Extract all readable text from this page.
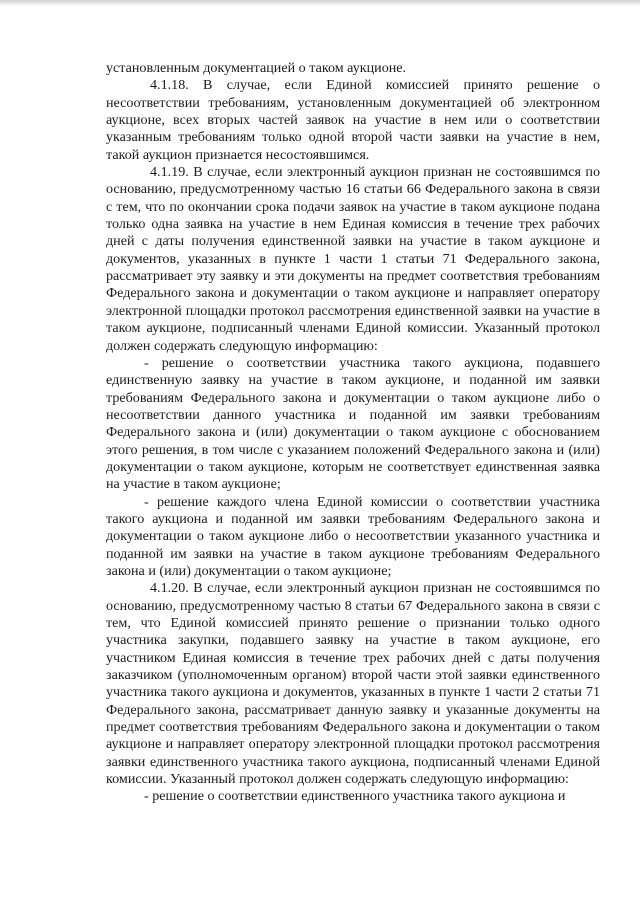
установленным документацией о таком аукционе.

4.1.18. В случае, если Единой комиссией принято решение о несоответствии требованиям, установленным документацией об электронном аукционе, всех вторых частей заявок на участие в нем или о соответствии указанным требованиям только одной второй части заявки на участие в нем, такой аукцион признается несостоявшимся.

4.1.19. В случае, если электронный аукцион признан не состоявшимся по основанию, предусмотренному частью 16 статьи 66 Федерального закона в связи с тем, что по окончании срока подачи заявок на участие в таком аукционе подана только одна заявка на участие в нем Единая комиссия в течение трех рабочих дней с даты получения единственной заявки на участие в таком аукционе и документов, указанных в пункте 1 части 1 статьи 71 Федерального закона, рассматривает эту заявку и эти документы на предмет соответствия требованиям Федерального закона и документации о таком аукционе и направляет оператору электронной площадки протокол рассмотрения единственной заявки на участие в таком аукционе, подписанный членами Единой комиссии. Указанный протокол должен содержать следующую информацию:

- решение о соответствии участника такого аукциона, подавшего единственную заявку на участие в таком аукционе, и поданной им заявки требованиям Федерального закона и документации о таком аукционе либо о несоответствии данного участника и поданной им заявки требованиям Федерального закона и (или) документации о таком аукционе с обоснованием этого решения, в том числе с указанием положений Федерального закона и (или) документации о таком аукционе, которым не соответствует единственная заявка на участие в таком аукционе;

- решение каждого члена Единой комиссии о соответствии участника такого аукциона и поданной им заявки требованиям Федерального закона и документации о таком аукционе либо о несоответствии указанного участника и поданной им заявки на участие в таком аукционе требованиям Федерального закона и (или) документации о таком аукционе;

4.1.20. В случае, если электронный аукцион признан не состоявшимся по основанию, предусмотренному частью 8 статьи 67 Федерального закона в связи с тем, что Единой комиссией принято решение о признании только одного участника закупки, подавшего заявку на участие в таком аукционе, его участником Единая комиссия в течение трех рабочих дней с даты получения заказчиком (уполномоченным органом) второй части этой заявки единственного участника такого аукциона и документов, указанных в пункте 1 части 2 статьи 71 Федерального закона, рассматривает данную заявку и указанные документы на предмет соответствия требованиям Федерального закона и документации о таком аукционе и направляет оператору электронной площадки протокол рассмотрения заявки единственного участника такого аукциона, подписанный членами Единой комиссии. Указанный протокол должен содержать следующую информацию:

- решение о соответствии единственного участника такого аукциона и
